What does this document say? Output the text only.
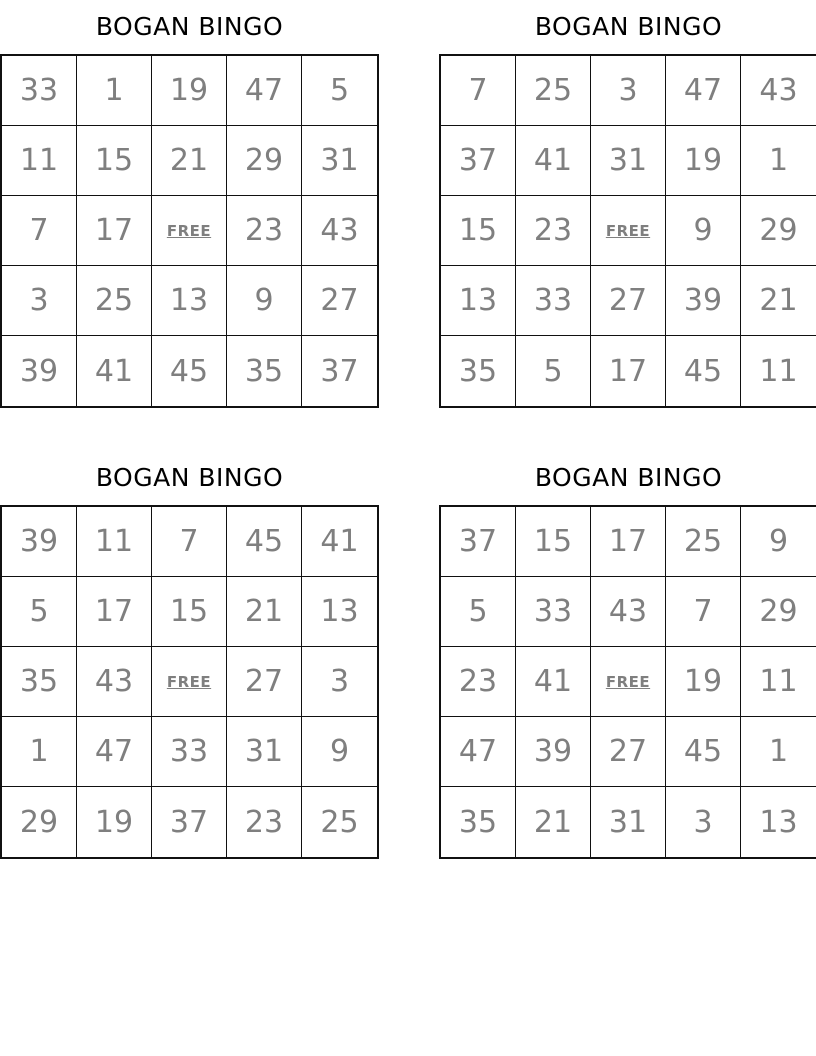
BOGAN BINGO
33	1	19	47	5
11	15	21	29	31
7	17	FREE	23	43
3	25	13	9	27
39	41	45	35	37
BOGAN BINGO
7	25	3	47	43
37	41	31	19	1
15	23	FREE	9	29
13	33	27	39	21
35	5	17	45	11
BOGAN BINGO
39	11	7	45	41
5	17	15	21	13
35	43	FREE	27	3
1	47	33	31	9
29	19	37	23	25
BOGAN BINGO
37	15	17	25	9
5	33	43	7	29
23	41	FREE	19	11
47	39	27	45	1
35	21	31	3	13
